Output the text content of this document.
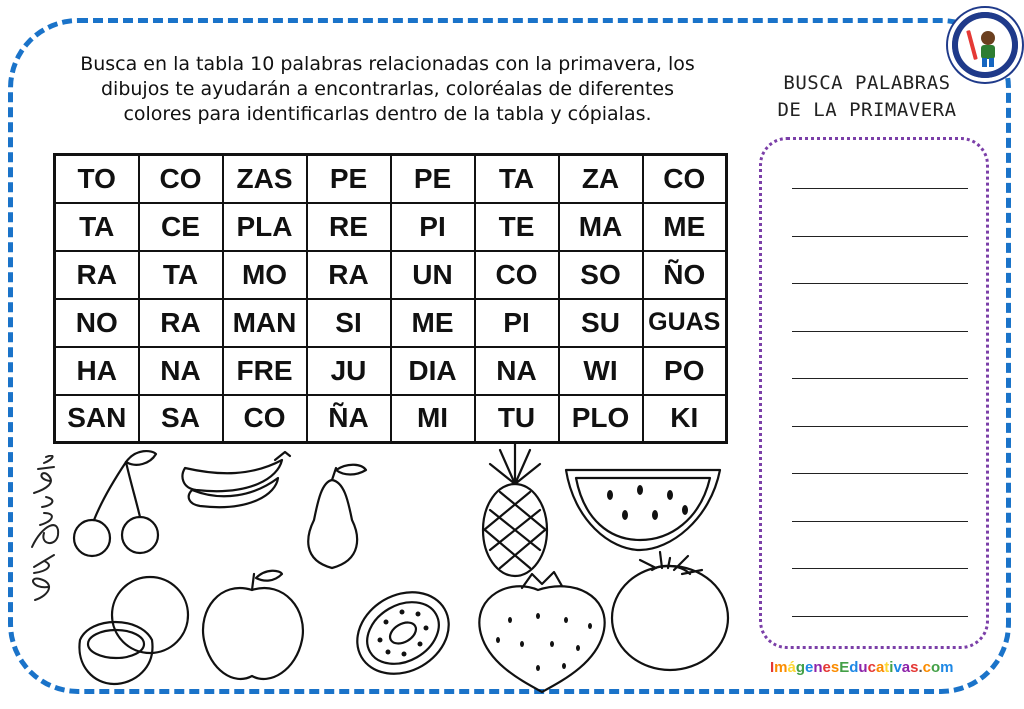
Busca en la tabla 10 palabras relacionadas con la primavera, los
dibujos te ayudarán a encontrarlas, coloréalas de diferentes
colores para identificarlas dentro de la tabla y cópialas.
BUSCA PALABRAS
DE LA PRIMAVERA
TO	CO	ZAS	PE	PE	TA	ZA	CO
TA	CE	PLA	RE	PI	TE	MA	ME
RA	TA	MO	RA	UN	CO	SO	ÑO
NO	RA	MAN	SI	ME	PI	SU	GUAS
HA	NA	FRE	JU	DIA	NA	WI	PO
SAN	SA	CO	ÑA	MI	TU	PLO	KI
ImágenesEducativas.com
